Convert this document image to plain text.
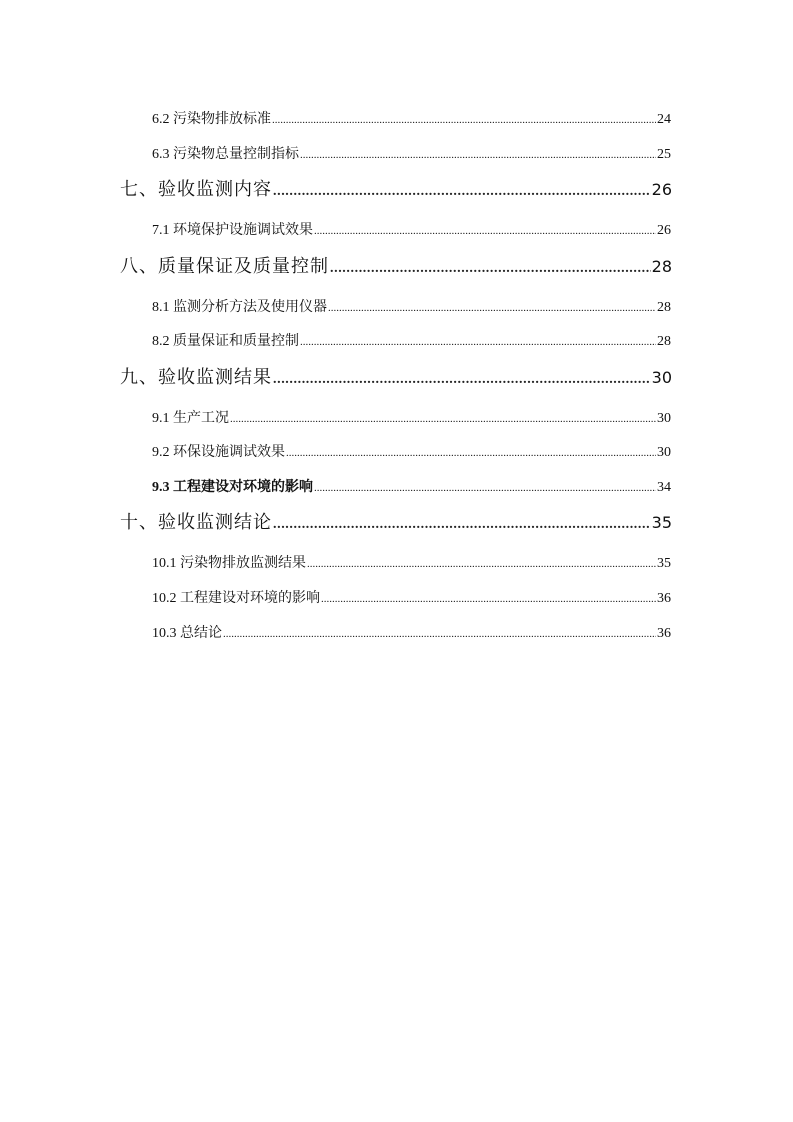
6.2 污染物排放标准 .....	24
6.3 污染物总量控制指标 .....	25
七、验收监测内容 .....	26
7.1 环境保护设施调试效果 .....	26
八、质量保证及质量控制 .....	28
8.1 监测分析方法及使用仪器 .....	28
8.2 质量保证和质量控制 .....	28
九、验收监测结果 .....	30
9.1 生产工况 .....	30
9.2 环保设施调试效果 .....	30
9.3 工程建设对环境的影响 .....	34
十、验收监测结论 .....	35
10.1 污染物排放监测结果 .....	35
10.2 工程建设对环境的影响 .....	36
10.3 总结论 .....	36
